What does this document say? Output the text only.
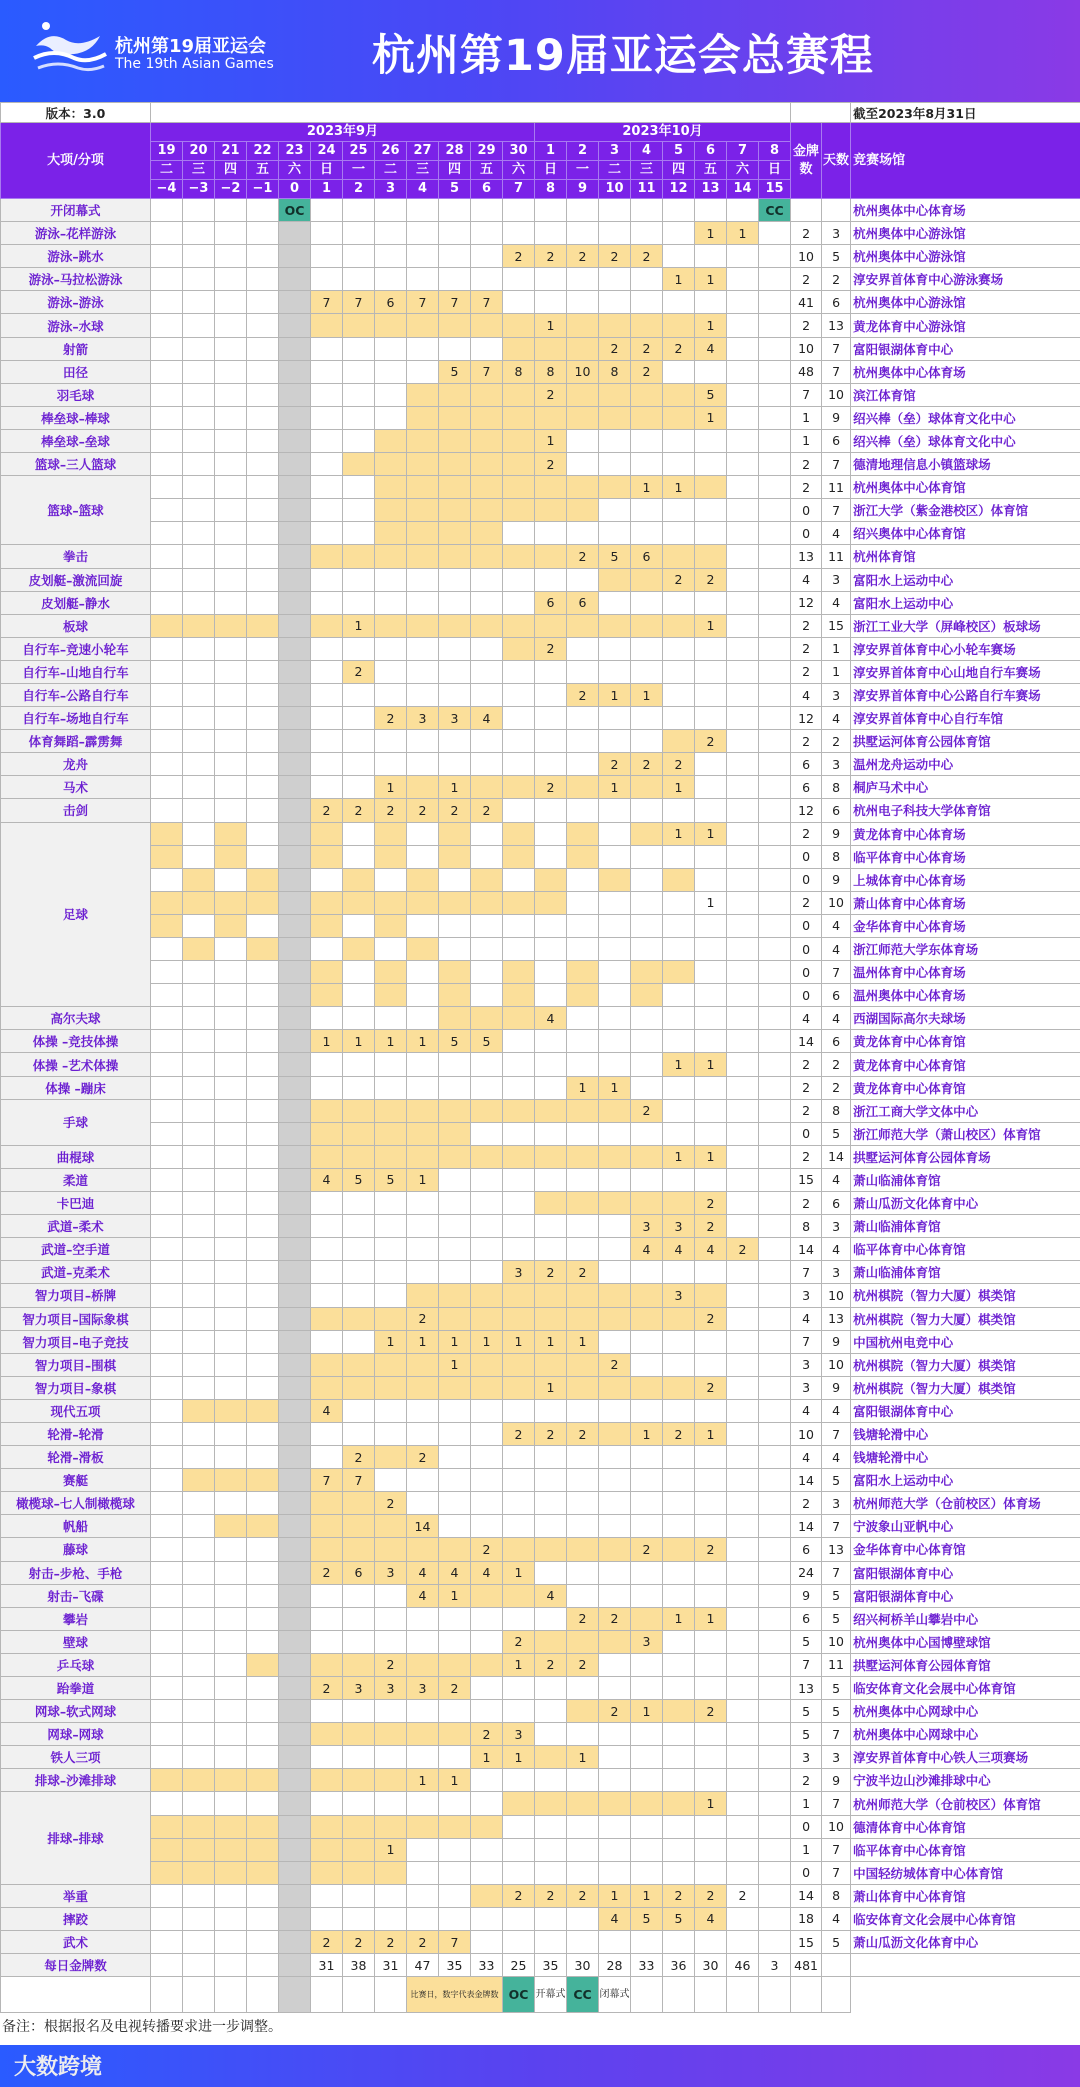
杭州第19届亚运会
The 19th Asian Games 杭州第19届亚运会总赛程
版本：3.0																							截至2023年8月31日
大项/分项	2023年9月												2023年10月								金牌数	天数	竞赛场馆
	19	20	21	22	23	24	25	26	27	28	29	30	1	2	3	4	5	6	7	8			
	二	三	四	五	六	日	一	二	三	四	五	六	日	一	二	三	四	五	六	日			
	−4	−3	−2	−1	0	1	2	3	4	5	6	7	8	9	10	11	12	13	14	15			
开闭幕式					OC															CC			杭州奥体中心体育场
游泳–花样游泳																		1	1		2	3	杭州奥体中心游泳馆
游泳–跳水												2	2	2	2	2					10	5	杭州奥体中心游泳馆
游泳–马拉松游泳																	1	1			2	2	淳安界首体育中心游泳赛场
游泳–游泳						7	7	6	7	7	7										41	6	杭州奥体中心游泳馆
游泳–水球													1					1			2	13	黄龙体育中心游泳馆
射箭															2	2	2	4			10	7	富阳银湖体育中心
田径										5	7	8	8	10	8	2					48	7	杭州奥体中心体育场
羽毛球													2					5			7	10	滨江体育馆
棒垒球–棒球																		1			1	9	绍兴棒（垒）球体育文化中心
棒垒球–垒球													1								1	6	绍兴棒（垒）球体育文化中心
篮球–三人篮球													2								2	7	德清地理信息小镇篮球场
篮球–篮球																1	1				2	11	杭州奥体中心体育馆
																					0	7	浙江大学（紫金港校区）体育馆
																					0	4	绍兴奥体中心体育馆
拳击														2	5	6					13	11	杭州体育馆
皮划艇–激流回旋																	2	2			4	3	富阳水上运动中心
皮划艇–静水													6	6							12	4	富阳水上运动中心
板球							1											1			2	15	浙江工业大学（屏峰校区）板球场
自行车–竞速小轮车													2								2	1	淳安界首体育中心小轮车赛场
自行车–山地自行车							2														2	1	淳安界首体育中心山地自行车赛场
自行车–公路自行车														2	1	1					4	3	淳安界首体育中心公路自行车赛场
自行车–场地自行车								2	3	3	4										12	4	淳安界首体育中心自行车馆
体育舞蹈–霹雳舞																		2			2	2	拱墅运河体育公园体育馆
龙舟															2	2	2				6	3	温州龙舟运动中心
马术								1		1			2		1		1				6	8	桐庐马术中心
击剑						2	2	2	2	2	2										12	6	杭州电子科技大学体育馆
足球																	1	1			2	9	黄龙体育中心体育场
																					0	8	临平体育中心体育场
																					0	9	上城体育中心体育场
																		1			2	10	萧山体育中心体育场
																					0	4	金华体育中心体育场
																					0	4	浙江师范大学东体育场
																					0	7	温州体育中心体育场
																					0	6	温州奥体中心体育场
高尔夫球													4								4	4	西湖国际高尔夫球场
体操 –竞技体操						1	1	1	1	5	5										14	6	黄龙体育中心体育馆
体操 –艺术体操																	1	1			2	2	黄龙体育中心体育馆
体操 –蹦床														1	1						2	2	黄龙体育中心体育馆
手球																2					2	8	浙江工商大学文体中心
																					0	5	浙江师范大学（萧山校区）体育馆
曲棍球																	1	1			2	14	拱墅运河体育公园体育场
柔道						4	5	5	1												15	4	萧山临浦体育馆
卡巴迪																		2			2	6	萧山瓜沥文化体育中心
武道–柔术																3	3	2			8	3	萧山临浦体育馆
武道–空手道																4	4	4	2		14	4	临平体育中心体育馆
武道–克柔术												3	2	2							7	3	萧山临浦体育馆
智力项目–桥牌																	3				3	10	杭州棋院（智力大厦）棋类馆
智力项目–国际象棋									2									2			4	13	杭州棋院（智力大厦）棋类馆
智力项目–电子竞技								1	1	1	1	1	1	1							7	9	中国杭州电竞中心
智力项目–围棋										1					2						3	10	杭州棋院（智力大厦）棋类馆
智力项目–象棋													1					2			3	9	杭州棋院（智力大厦）棋类馆
现代五项						4															4	4	富阳银湖体育中心
轮滑–轮滑												2	2	2		1	2	1			10	7	钱塘轮滑中心
轮滑–滑板							2		2												4	4	钱塘轮滑中心
赛艇						7	7														14	5	富阳水上运动中心
橄榄球–七人制橄榄球								2													2	3	杭州师范大学（仓前校区）体育场
帆船									14												14	7	宁波象山亚帆中心
藤球											2					2		2			6	13	金华体育中心体育馆
射击–步枪、手枪						2	6	3	4	4	4	1									24	7	富阳银湖体育中心
射击–飞碟									4	1			4								9	5	富阳银湖体育中心
攀岩														2	2		1	1			6	5	绍兴柯桥羊山攀岩中心
壁球												2				3					5	10	杭州奥体中心国博壁球馆
乒乓球								2				1	2	2							7	11	拱墅运河体育公园体育馆
跆拳道						2	3	3	3	2											13	5	临安体育文化会展中心体育馆
网球–软式网球															2	1		2			5	5	杭州奥体中心网球中心
网球–网球											2	3									5	7	杭州奥体中心网球中心
铁人三项											1	1		1							3	3	淳安界首体育中心铁人三项赛场
排球–沙滩排球									1	1											2	9	宁波半边山沙滩排球中心
排球–排球																		1			1	7	杭州师范大学（仓前校区）体育馆
																					0	10	德清体育中心体育馆
								1													1	7	临平体育中心体育馆
																					0	7	中国轻纺城体育中心体育馆
举重												2	2	2	1	1	2	2	2		14	8	萧山体育中心体育馆
摔跤															4	5	5	4			18	4	临安体育文化会展中心体育馆
武术						2	2	2	2	7											15	5	萧山瓜沥文化体育中心
每日金牌数						31	38	31	47	35	33	25	35	30	28	33	36	30	46	3	481		
									比赛日，数字代表金牌数			OC	开幕式	CC	闭幕式								
备注：根据报名及电视转播要求进一步调整。
大数跨境
